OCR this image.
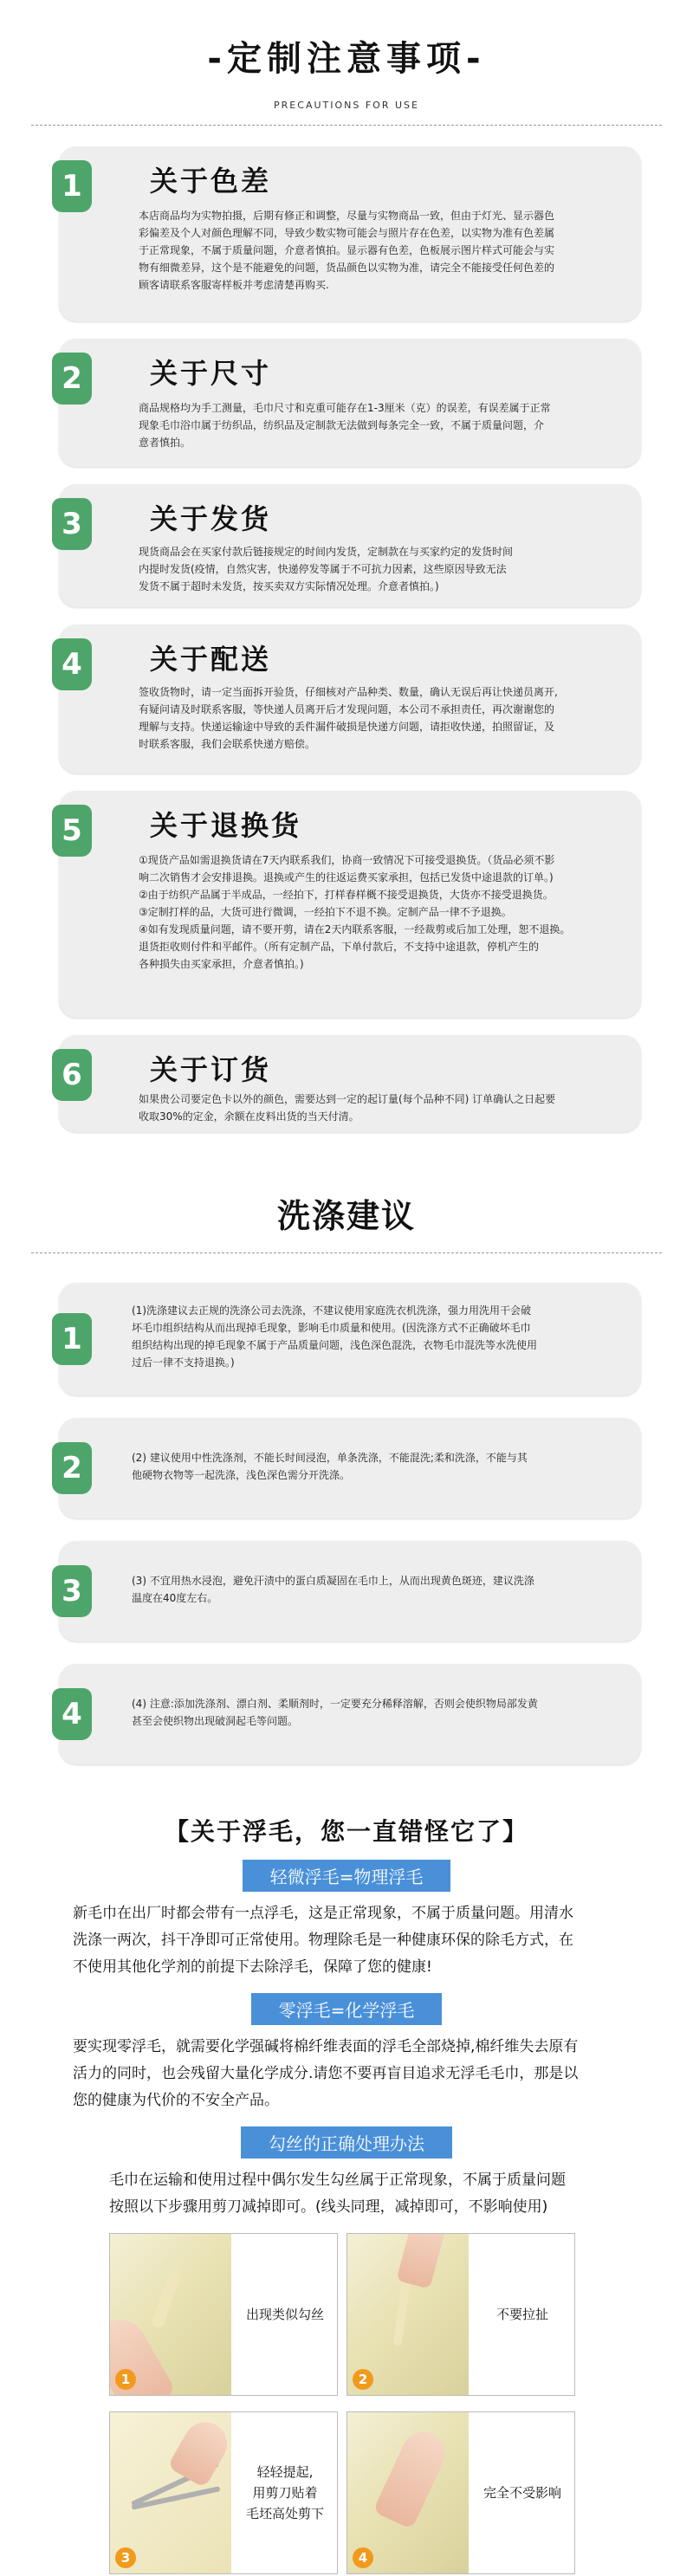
-定制注意事项-
PRECAUTIONS FOR USE
1	关于色差
本店商品均为实物拍摄，后期有修正和调整，尽量与实物商品一致，但由于灯光、显示器色
彩偏差及个人对颜色理解不同，导致少数实物可能会与照片存在色差，以实物为准有色差属
于正常现象，不属于质量问题，介意者慎拍。显示器有色差，色板展示图片样式可能会与实
物有细微差异，这个是不能避免的问题，货品颜色以实物为准，请完全不能接受任何色差的
顾客请联系客服寄样板并考虑清楚再购买.
2	关于尺寸
商品规格均为手工测量，毛巾尺寸和克重可能存在1-3厘米（克）的误差，有误差属于正常
现象毛巾浴巾属于纺织品，纺织品及定制款无法做到每条完全一致，不属于质量问题，介
意者慎拍。
3	关于发货
现货商品会在买家付款后链接规定的时间内发货，定制款在与买家约定的发货时间
内提时发货(疫情，自然灾害，快递停发等属于不可抗力因素，这些原因导致无法
发货不属于超时未发货，按买卖双方实际情况处理。介意者慎拍。)
4	关于配送
签收货物时，请一定当面拆开验货，仔细核对产品种类、数量，确认无误后再让快递员离开,
有疑问请及时联系客服，等快递人员离开后才发现问题，本公司不承担责任，再次谢谢您的
理解与支持。快递运输途中导致的丢件漏件破损是快递方问题，请拒收快递，拍照留证，及
时联系客服，我们会联系快递方赔偿。
5	关于退换货
①现货产品如需退换货请在7天内联系我们，协商一致情况下可接受退换货。（货品必须不影
响二次销售才会安排退换。退换或产生的往返运费买家承担，包括已发货中途退款的订单。)
②由于纺织产品属于半成品，一经拍下，打样春样概不接受退换货，大货亦不接受退换货。
③定制打样的品，大货可进行微调，一经拍下不退不换。定制产品一律不予退换。
④如有发现质量问题，请不要开剪，请在2天内联系客服，一经裁剪或后加工处理，恕不退换。
退货拒收则付件和平邮件。（所有定制产品，下单付款后，不支持中途退款，停机产生的
各种损失由买家承担，介意者慎拍。)
6	关于订货
如果贵公司要定色卡以外的颜色，需要达到一定的起订量(每个品种不同) 订单确认之日起要
收取30%的定金，余额在皮料出货的当天付清。
洗涤建议
1
(1)洗涤建议去正规的洗涤公司去洗涤，不建议使用家庭洗衣机洗涤，强力用洗用干会破
坏毛巾组织结构从而出现掉毛现象，影响毛巾质量和使用。(因洗涤方式不正确破坏毛巾
组织结构出现的掉毛现象不属于产品质量问题，浅色深色混洗，衣物毛巾混洗等水洗使用
过后一律不支持退换。)
2	(2) 建议使用中性洗涤剂，不能长时间浸泡，单条洗涤，不能混洗;柔和洗涤，不能与其
他硬物衣物等一起洗涤，浅色深色需分开洗涤。
3	(3) 不宜用热水浸泡，避免汗渍中的蛋白质凝固在毛巾上，从而出现黄色斑迹，建议洗涤
温度在40度左右。
4	(4) 注意:添加洗涤剂、漂白剂、柔顺剂时，一定要充分稀释溶解，否则会使织物局部发黄
甚至会使织物出现破洞起毛等问题。
【关于浮毛，您一直错怪它了】
轻微浮毛=物理浮毛
新毛巾在出厂时都会带有一点浮毛，这是正常现象，不属于质量问题。用清水
洗涤一两次，抖干净即可正常使用。物理除毛是一种健康环保的除毛方式，在
不使用其他化学剂的前提下去除浮毛，保障了您的健康!
零浮毛=化学浮毛
要实现零浮毛，就需要化学强碱将棉纤维表面的浮毛全部烧掉,棉纤维失去原有
活力的同时，也会残留大量化学成分.请您不要再盲目追求无浮毛毛巾，那是以
您的健康为代价的不安全产品。
勾丝的正确处理办法
毛巾在运输和使用过程中偶尔发生勾丝属于正常现象，不属于质量问题
按照以下步骤用剪刀减掉即可。(线头同理，减掉即可，不影响使用)
1
出现类似勾丝
2
不要拉扯
3
轻轻提起,
用剪刀贴着
毛坯高处剪下
4
完全不受影响
